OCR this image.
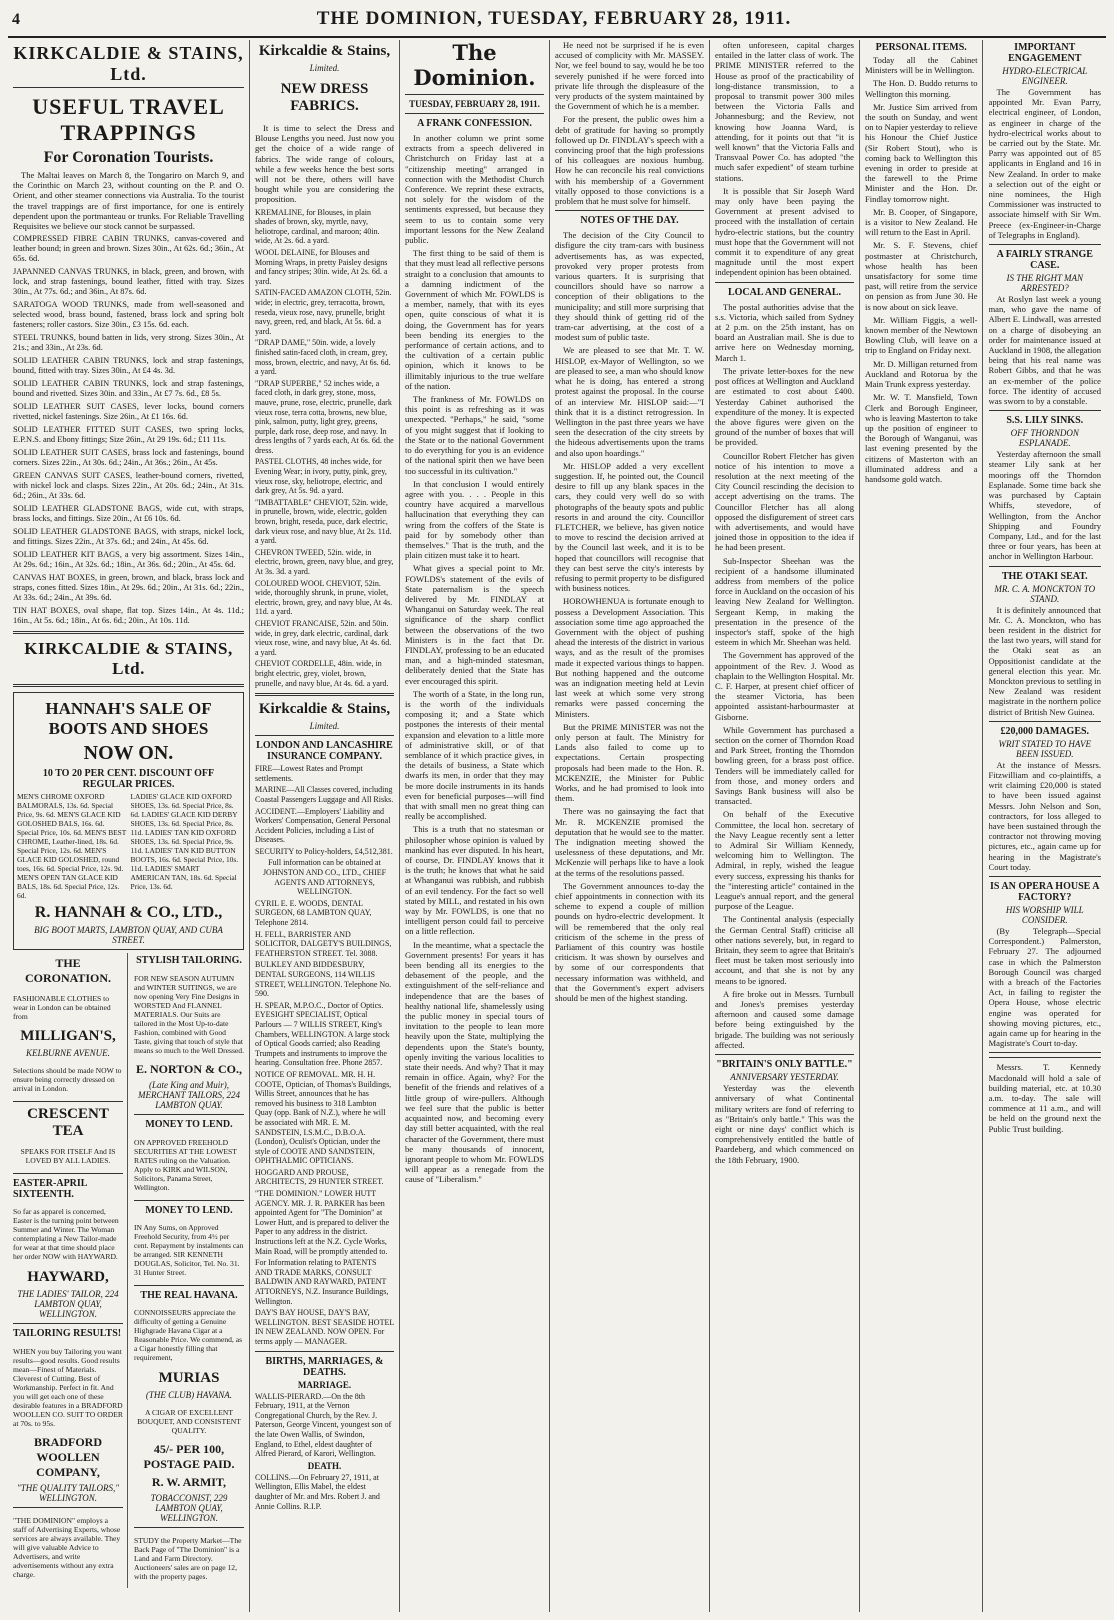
4	THE DOMINION, TUESDAY, FEBRUARY 28, 1911.
KIRKCALDIE & STAINS, Ltd.
USEFUL TRAVEL TRAPPINGS
For Coronation Tourists.

The Maltai leaves on March 8, the Tongariro on March 9, and the Corinthic on March 23, without counting on the P. and O. Orient, and other steamer connections via Australia. To the tourist the travel trappings are of first importance, for one is entirely dependent upon the portmanteau or trunks. For Reliable Travelling Requisites we believe our stock cannot be surpassed.

COMPRESSED FIBRE CABIN TRUNKS, canvas-covered and leather bound; in green and brown. Sizes 30in., At 62s. 6d.; 36in., At 65s. 6d.
JAPANNED CANVAS TRUNKS, in black, green, and brown, with lock, and strap fastenings, bound leather, fitted with tray. Sizes 30in., At 77s. 6d.; and 36in., At 87s. 6d.
SARATOGA WOOD TRUNKS, made from well-seasoned and selected wood, brass bound, fastened, brass lock and spring bolt fasteners; roller castors. Size 30in., £3 15s. 6d. each.
STEEL TRUNKS, bound batten in lids, very strong. Sizes 30in., At 21s.; and 33in., At 23s. 6d.
SOLID LEATHER CABIN TRUNKS, lock and strap fastenings, bound, fitted with tray. Sizes 30in., At £4 4s. 3d.
SOLID LEATHER CABIN TRUNKS, lock and strap fastenings, bound and rivetted. Sizes 30in. and 33in., At £7 7s. 6d., £8 5s.
SOLID LEATHER SUIT CASES, lever locks, bound corners rivetted, nickel fastenings. Size 26in., At £1 16s. 6d.
SOLID LEATHER FITTED SUIT CASES, two spring locks, E.P.N.S. and Ebony fittings; Size 26in., At 29 19s. 6d.; £11 11s.
SOLID LEATHER SUIT CASES, brass lock and fastenings, bound corners. Sizes 22in., At 30s. 6d.; 24in., At 36s.; 26in., At 45s.
GREEN CANVAS SUIT CASES, leather-bound corners, rivetted, with nickel lock and clasps. Sizes 22in., At 20s. 6d.; 24in., At 31s. 6d.; 26in., At 33s. 6d.
SOLID LEATHER GLADSTONE BAGS, wide cut, with straps, brass locks, and fittings. Size 20in., At £6 10s. 6d.
SOLID LEATHER GLADSTONE BAGS, with straps, nickel lock, and fittings. Sizes 22in., At 37s. 6d.; and 24in., At 45s. 6d.
SOLID LEATHER KIT BAGS, a very big assortment. Sizes 14in., At 29s. 6d.; 16in., At 32s. 6d.; 18in., At 36s. 6d.; 20in., At 45s. 6d.
CANVAS HAT BOXES, in green, brown, and black, brass lock and straps, cones fitted. Sizes 18in., At 29s. 6d.; 20in., At 31s. 6d.; 22in., At 33s. 6d.; 24in., At 39s. 6d.
TIN HAT BOXES, oval shape, flat top. Sizes 14in., At 4s. 11d.; 16in., At 5s. 6d.; 18in., At 6s. 6d.; 20in., At 10s. 11d.
KIRKCALDIE & STAINS, Ltd.
HANNAH'S SALE OF BOOTS AND SHOES
NOW ON.
10 TO 20 PER CENT. DISCOUNT OFF REGULAR PRICES.
MEN'S CHROME OXFORD BALMORALS, 13s. 6d. Special Price, 9s. 6d. MEN'S GLACE KID GOLOSHED BALS, 16s. 6d. Special Price, 10s. 6d. MEN'S BEST CHROME, Leather-lined, 18s. 6d. Special Price, 12s. 6d. MEN'S GLACE KID GOLOSHED, round toes, 16s. 6d. Special Price, 12s. 9d. MEN'S OPEN TAN GLACE KID BALS, 18s. 6d. Special Price, 12s. 6d.
LADIES' GLACE KID OXFORD SHOES, 13s. 6d. Special Price, 8s. 6d. LADIES' GLACE KID DERBY SHOES, 13s. 6d. Special Price, 8s. 11d. LADIES' TAN KID OXFORD SHOES, 13s. 6d. Special Price, 9s. 11d. LADIES' TAN KID BUTTON BOOTS, 16s. 6d. Special Price, 10s. 11d. LADIES' SMART AMERICAN TAN, 18s. 6d. Special Price, 13s. 6d.
R. HANNAH & CO., LTD.,
BIG BOOT MARTS, LAMBTON QUAY, AND CUBA STREET.
THE CORONATION.

FASHIONABLE CLOTHES to wear in London can be obtained from

MILLIGAN'S,
KELBURNE AVENUE.

Selections should be made NOW to ensure being correctly dressed on arrival in London.

CRESCENT TEA

SPEAKS FOR ITSELF And IS LOVED BY ALL LADIES.

EASTER-APRIL SIXTEENTH.

So far as apparel is concerned, Easter is the turning point between Summer and Winter. The Woman contemplating a New Tailor-made for wear at that time should place her order NOW with HAYWARD.

HAYWARD,
THE LADIES' TAILOR, 224 LAMBTON QUAY, WELLINGTON.
TAILORING RESULTS!

WHEN you buy Tailoring you want results—good results. Good results mean—Finest of Materials. Cleverest of Cutting. Best of Workmanship. Perfect in fit. And you will get each one of these desirable features in a BRADFORD WOOLLEN CO. SUIT TO ORDER at 70s. to 95s.

BRADFORD WOOLLEN COMPANY,
"THE QUALITY TAILORS," WELLINGTON.

"THE DOMINION" employs a staff of Advertising Experts, whose services are always available. They will give valuable Advice to Advertisers, and write advertisements without any extra charge.

STYLISH TAILORING.

FOR NEW SEASON AUTUMN and WINTER SUITINGS, we are now opening Very Fine Designs in WORSTED And FLANNEL MATERIALS. Our Suits are tailored in the Most Up-to-date Fashion, combined with Good Taste, giving that touch of style that means so much to the Well Dressed.

E. NORTON & CO.,
(Late King and Muir), MERCHANT TAILORS, 224 LAMBTON QUAY.
MONEY TO LEND.

ON APPROVED FREEHOLD SECURITIES AT THE LOWEST RATES ruling on the Valuation. Apply to KIRK and WILSON, Solicitors, Panama Street, Wellington.

MONEY TO LEND.

IN Any Sums, on Approved Freehold Security, from 4½ per cent. Repayment by instalments can be arranged. SIR KENNETH DOUGLAS, Solicitor, Tel. No. 31. 31 Hunter Street.

THE REAL HAVANA.

CONNOISSEURS appreciate the difficulty of getting a Genuine Highgrade Havana Cigar at a Reasonable Price. We commend, as a Cigar honestly filling that requirement,

MURIAS
(THE CLUB) HAVANA.

A CIGAR OF EXCELLENT BOUQUET, AND CONSISTENT QUALITY.

45/- PER 100, POSTAGE PAID.
R. W. ARMIT,
TOBACCONIST, 229 LAMBTON QUAY, WELLINGTON.

STUDY the Property Market—The Back Page of "The Dominion" is a Land and Farm Directory. Auctioneers' sales are on page 12, with the property pages.

Kirkcaldie & Stains,
Limited.
NEW DRESS FABRICS.

It is time to select the Dress and Blouse Lengths you need. Just now you get the choice of a wide range of fabrics. The wide range of colours, while a few weeks hence the best sorts will not be there, others will have bought while you are considering the proposition.

KREMALINE, for Blouses, in plain shades of brown, sky, myrtle, navy, heliotrope, cardinal, and maroon; 40in. wide, At 2s. 6d. a yard.

WOOL DELAINE, for Blouses and Morning Wraps, in pretty Paisley designs and fancy stripes; 30in. wide, At 2s. 6d. a yard.

SATIN-FACED AMAZON CLOTH, 52in. wide; in electric, grey, terracotta, brown, reseda, vieux rose, navy, prunelle, bright navy, green, red, and black, At 5s. 6d. a yard.

"DRAP DAME," 50in. wide, a lovely finished satin-faced cloth, in cream, grey, moss, brown, electric, and navy, At 6s. 6d. a yard.

"DRAP SUPERBE," 52 inches wide, a faced cloth, in dark grey, stone, moss, mauve, prune, rose, electric, prunelle, dark vieux rose, terra cotta, browns, new blue, pink, salmon, putty, light grey, greens, purple, dark rose, deep rose, and navy. In dress lengths of 7 yards each, At 6s. 6d. the dress.

PASTEL CLOTHS, 48 inches wide, for Evening Wear; in ivory, putty, pink, grey, vieux rose, sky, heliotrope, electric, and dark grey, At 5s. 9d. a yard.

"IMBATTABLE" CHEVIOT, 52in. wide, in prunelle, brown, wide, electric, golden brown, bright, reseda, puce, dark electric, dark vieux rose, and navy blue, At 2s. 11d. a yard.

CHEVRON TWEED, 52in. wide, in electric, brown, green, navy blue, and grey, At 3s. 3d. a yard.

COLOURED WOOL CHEVIOT, 52in. wide, thoroughly shrunk, in prune, violet, electric, brown, grey, and navy blue, At 4s. 11d. a yard.

CHEVIOT FRANCAISE, 52in. and 50in. wide, in grey, dark electric, cardinal, dark vieux rose, wine, and navy blue, At 4s. 6d. a yard.

CHEVIOT CORDELLE, 48in. wide, in bright electric, grey, violet, brown, prunelle, and navy blue, At 4s. 6d. a yard.

Kirkcaldie & Stains,
Limited.
LONDON AND LANCASHIRE INSURANCE COMPANY.

FIRE—Lowest Rates and Prompt settlements.

MARINE—All Classes covered, including Coastal Passengers Luggage and All Risks.

ACCIDENT.—Employers' Liability and Workers' Compensation, General Personal Accident Policies, including a List of Diseases.

SECURITY to Policy-holders, £4,512,381.

Full information can be obtained at JOHNSTON AND CO., LTD., CHIEF AGENTS AND ATTORNEYS, WELLINGTON.

CYRIL E. E. WOODS, DENTAL SURGEON, 68 LAMBTON QUAY, Telephone 2814.

H. FELL, BARRISTER AND SOLICITOR, DALGETY'S BUILDINGS, FEATHERSTON STREET. Tel. 3088.

BULKLEY AND BIDDESBURY, DENTAL SURGEONS, 114 WILLIS STREET, WELLINGTON. Telephone No. 590.

H. SPEAR, M.P.O.C., Doctor of Optics. EYESIGHT SPECIALIST, Optical Parlours — 7 WILLIS STREET, King's Chambers, WELLINGTON. A large stock of Optical Goods carried; also Reading Trumpets and instruments to improve the hearing. Consultation free. Phone 2857.

NOTICE OF REMOVAL. MR. H. H. COOTE, Optician, of Thomas's Buildings, Willis Street, announces that he has removed his business to 318 Lambton Quay (opp. Bank of N.Z.), where he will be associated with MR. E. M. SANDSTEIN, I.S.M.C., D.B.O.A. (London), Oculist's Optician, under the style of COOTE AND SANDSTEIN, OPHTHALMIC OPTICIANS.

HOGGARD AND PROUSE, ARCHITECTS, 29 HUNTER STREET.

"THE DOMINION." LOWER HUTT AGENCY. MR. J. R. PARKER has been appointed Agent for "The Dominion" at Lower Hutt, and is prepared to deliver the Paper to any address in the district. Instructions left at the N.Z. Cycle Works, Main Road, will be promptly attended to.

For Information relating to PATENTS AND TRADE MARKS, CONSULT BALDWIN AND RAYWARD, PATENT ATTORNEYS, N.Z. Insurance Buildings, Wellington.

DAY'S BAY HOUSE, DAY'S BAY, WELLINGTON. BEST SEASIDE HOTEL IN NEW ZEALAND. NOW OPEN. For terms apply — MANAGER.

BIRTHS, MARRIAGES, & DEATHS.
MARRIAGE.

WALLIS-PIERARD.—On the 8th February, 1911, at the Vernon Congregational Church, by the Rev. J. Paterson, George Vincent, youngest son of the late Owen Wallis, of Swindon, England, to Ethel, eldest daughter of Alfred Pierard, of Karori, Wellington.

DEATH.

COLLINS.—On February 27, 1911, at Wellington, Ellis Mabel, the eldest daughter of Mr. and Mrs. Robert J. and Annie Collins. R.I.P.

The Dominion.
TUESDAY, FEBRUARY 28, 1911.
A FRANK CONFESSION.

In another column we print some extracts from a speech delivered in Christchurch on Friday last at a "citizenship meeting" arranged in connection with the Methodist Church Conference. We reprint these extracts, not solely for the wisdom of the sentiments expressed, but because they seem to us to contain some very important lessons for the New Zealand public.

The first thing to be said of them is that they must lead all reflective persons straight to a conclusion that amounts to a damning indictment of the Government of which Mr. FOWLDS is a member, namely, that with its eyes open, quite conscious of what it is doing, the Government has for years been bending its energies to the performance of certain actions, and to the cultivation of a certain public opinion, which it knows to be illimitably injurious to the true welfare of the nation.

The frankness of Mr. FOWLDS on this point is as refreshing as it was unexpected. "Perhaps," he said, "some of you might suggest that if looking to the State or to the national Government to do everything for you is an evidence of the national spirit then we have been too successful in its cultivation."

In that conclusion I would entirely agree with you. . . . People in this country have acquired a marvellous hallucination that everything they can wring from the coffers of the State is paid for by somebody other than themselves." That is the truth, and the plain citizen must take it to heart.

What gives a special point to Mr. FOWLDS's statement of the evils of State paternalism is the speech delivered by Mr. FINDLAY at Whanganui on Saturday week. The real significance of the sharp conflict between the observations of the two Ministers is in the fact that Dr. FINDLAY, professing to be an educated man, and a high-minded statesman, deliberately denied that the State has ever encouraged this spirit.

The worth of a State, in the long run, is the worth of the individuals composing it; and a State which postpones the interests of their mental expansion and elevation to a little more of administrative skill, or of that semblance of it which practice gives, in the details of business, a State which dwarfs its men, in order that they may be more docile instruments in its hands even for beneficial purposes—will find that with small men no great thing can really be accomplished.

This is a truth that no statesman or philosopher whose opinion is valued by mankind has ever disputed. In his heart, of course, Dr. FINDLAY knows that it is the truth; he knows that what he said at Whanganui was rubbish, and rubbish of an evil tendency. For the fact so well stated by MILL, and restated in his own way by Mr. FOWLDS, is one that no intelligent person could fail to perceive on a little reflection.

In the meantime, what a spectacle the Government presents! For years it has been bending all its energies to the debasement of the people, and the extinguishment of the self-reliance and independence that are the bases of healthy national life, shamelessly using the public money in special tours of invitation to the people to lean more heavily upon the State, multiplying the dependents upon the State's bounty, openly inviting the various localities to state their needs. And why? That it may remain in office. Again, why? For the benefit of the friends and relatives of a little group of wire-pullers. Although we feel sure that the public is better acquainted now, and becoming every day still better acquainted, with the real character of the Government, there must be many thousands of innocent, ignorant people to whom Mr. FOWLDS will appear as a renegade from the cause of "Liberalism."

He need not be surprised if he is even accused of complicity with Mr. MASSEY. Nor, we feel bound to say, would he be too severely punished if he were forced into private life through the displeasure of the very products of the system maintained by the Government of which he is a member.

For the present, the public owes him a debt of gratitude for having so promptly followed up Dr. FINDLAY's speech with a convincing proof that the high professions of his colleagues are noxious humbug. How he can reconcile his real convictions with his membership of a Government vitally opposed to those convictions is a problem that he must solve for himself.

NOTES OF THE DAY.

The decision of the City Council to disfigure the city tram-cars with business advertisements has, as was expected, provoked very proper protests from various quarters. It is surprising that councillors should have so narrow a conception of their obligations to the municipality; and still more surprising that they should think of getting rid of the tram-car advertising, at the cost of a modest sum of public taste.

We are pleased to see that Mr. T. W. HISLOP, ex-Mayor of Wellington, so we are pleased to see, a man who should know what he is doing, has entered a strong protest against the proposal. In the course of an interview Mr. HISLOP said:—"I think that it is a distinct retrogression. In Wellington in the past three years we have seen the desecration of the city streets by the hideous advertisements upon the trams and also upon hoardings."

Mr. HISLOP added a very excellent suggestion. If, he pointed out, the Council desire to fill up any blank spaces in the cars, they could very well do so with photographs of the beauty spots and public resorts in and around the city. Councillor FLETCHER, we believe, has given notice to move to rescind the decision arrived at by the Council last week, and it is to be hoped that councillors will recognise that they can best serve the city's interests by refusing to permit property to be disfigured with business notices.

HOROWHENUA is fortunate enough to possess a Development Association. This association some time ago approached the Government with the object of pushing ahead the interests of the district in various ways, and as the result of the promises made it expected various things to happen. But nothing happened and the outcome was an indignation meeting held at Levin last week at which some very strong remarks were passed concerning the Ministers.

But the PRIME MINISTER was not the only person at fault. The Ministry for Lands also failed to come up to expectations. Certain prospecting proposals had been made to the Hon. R. MCKENZIE, the Minister for Public Works, and he had promised to look into them.

There was no gainsaying the fact that Mr. R. MCKENZIE promised the deputation that he would see to the matter. The indignation meeting showed the uselessness of these deputations, and Mr. McKenzie will perhaps like to have a look at the terms of the resolutions passed.

The Government announces to-day the chief appointments in connection with its scheme to expend a couple of million pounds on hydro-electric development. It will be remembered that the only real criticism of the scheme in the press of Parliament of this country was hostile criticism. It was shown by ourselves and by some of our correspondents that necessary information was withheld, and that the Government's expert advisers should be men of the highest standing.

often unforeseen, capital charges entailed in the latter class of work. The PRIME MINISTER referred to the House as proof of the practicability of long-distance transmission, to a proposal to transmit power 300 miles between the Victoria Falls and Johannesburg; and the Review, not knowing how Joanna Ward, is attending, for it points out that "it is well known" that the Victoria Falls and Transvaal Power Co. has adopted "the much safer expedient" of steam turbine stations.

It is possible that Sir Joseph Ward may only have been paying the Government at present advised to proceed with the installation of certain hydro-electric stations, but the country must hope that the Government will not commit it to expenditure of any great magnitude until the most expert independent opinion has been obtained.

LOCAL AND GENERAL.

The postal authorities advise that the s.s. Victoria, which sailed from Sydney at 2 p.m. on the 25th instant, has on board an Australian mail. She is due to arrive here on Wednesday morning, March 1.

The private letter-boxes for the new post offices at Wellington and Auckland are estimated to cost about £400. Yesterday Cabinet authorised the expenditure of the money. It is expected the above figures were given on the ground of the number of boxes that will be provided.

Councillor Robert Fletcher has given notice of his intention to move a resolution at the next meeting of the City Council rescinding the decision to accept advertising on the trams. The Councillor Fletcher has all along opposed the disfigurement of street cars with advertisements, and would have joined those in opposition to the idea if he had been present.

Sub-Inspector Sheehan was the recipient of a handsome illuminated address from members of the police force in Auckland on the occasion of his leaving New Zealand for Wellington. Sergeant Kemp, in making the presentation in the presence of the inspector's staff, spoke of the high esteem in which Mr. Sheehan was held.

The Government has approved of the appointment of the Rev. J. Wood as chaplain to the Wellington Hospital. Mr. C. F. Harper, at present chief officer of the steamer Victoria, has been appointed assistant-harbourmaster at Gisborne.

While Government has purchased a section on the corner of Thorndon Road and Park Street, fronting the Thorndon bowling green, for a brass post office. Tenders will be immediately called for from those, and money orders and Savings Bank business will also be transacted.

On behalf of the Executive Committee, the local hon. secretary of the Navy League recently sent a letter to Admiral Sir William Kennedy, welcoming him to Wellington. The Admiral, in reply, wished the league every success, expressing his thanks for the "interesting article" contained in the League's annual report, and the general purpose of the League.

The Continental analysis (especially the German Central Staff) criticise all other nations severely, but, in regard to Britain, they seem to agree that Britain's fleet must be taken most seriously into account, and that she is not by any means to be ignored.

A fire broke out in Messrs. Turnbull and Jones's premises yesterday afternoon and caused some damage before being extinguished by the brigade. The building was not seriously affected.

"BRITAIN'S ONLY BATTLE."
ANNIVERSARY YESTERDAY.

Yesterday was the eleventh anniversary of what Continental military writers are fond of referring to as "Britain's only battle." This was the eight or nine days' conflict which is comprehensively entitled the battle of Paardeberg, and which commenced on the 18th February, 1900.

PERSONAL ITEMS.

Today all the Cabinet Ministers will be in Wellington.

The Hon. D. Buddo returns to Wellington this morning.

Mr. Justice Sim arrived from the south on Sunday, and went on to Napier yesterday to relieve his Honour the Chief Justice (Sir Robert Stout), who is coming back to Wellington this evening in order to preside at the farewell to the Prime Minister and the Hon. Dr. Findlay tomorrow night.

Mr. B. Cooper, of Singapore, is a visitor to New Zealand. He will return to the East in April.

Mr. S. F. Stevens, chief postmaster at Christchurch, whose health has been unsatisfactory for some time past, will retire from the service on pension as from June 30. He is now about on sick leave.

Mr. William Figgis, a well-known member of the Newtown Bowling Club, will leave on a trip to England on Friday next.

Mr. D. Milligan returned from Auckland and Rotorua by the Main Trunk express yesterday.

Mr. W. T. Mansfield, Town Clerk and Borough Engineer, who is leaving Masterton to take up the position of engineer to the Borough of Wanganui, was last evening presented by the citizens of Masterton with an illuminated address and a handsome gold watch.

IMPORTANT ENGAGEMENT
HYDRO-ELECTRICAL ENGINEER.

The Government has appointed Mr. Evan Parry, electrical engineer, of London, as engineer in charge of the hydro-electrical works about to be carried out by the State. Mr. Parry was appointed out of 85 applicants in England and 16 in New Zealand. In order to make a selection out of the eight or nine nominees, the High Commissioner was instructed to associate himself with Sir Wm. Preece (ex-Engineer-in-Charge of Telegraphs in England).

A FAIRLY STRANGE CASE.
IS THE RIGHT MAN ARRESTED?

At Roslyn last week a young man, who gave the name of Albert E. Lindwall, was arrested on a charge of disobeying an order for maintenance issued at Auckland in 1908, the allegation being that his real name was Robert Gibbs, and that he was an ex-member of the police force. The identity of accused was sworn to by a constable.

S.S. LILY SINKS.
OFF THORNDON ESPLANADE.

Yesterday afternoon the small steamer Lily sank at her moorings off the Thorndon Esplanade. Some time back she was purchased by Captain Whiffs, stevedore, of Wellington, from the Anchor Shipping and Foundry Company, Ltd., and for the last three or four years, has been at anchor in Wellington Harbour.

THE OTAKI SEAT.
MR. C. A. MONCKTON TO STAND.

It is definitely announced that Mr. C. A. Monckton, who has been resident in the district for the last two years, will stand for the Otaki seat as an Oppositionist candidate at the general election this year. Mr. Monckton previous to settling in New Zealand was resident magistrate in the northern police district of British New Guinea.

£20,000 DAMAGES.
WRIT STATED TO HAVE BEEN ISSUED.

At the instance of Messrs. Fitzwilliam and co-plaintiffs, a writ claiming £20,000 is stated to have been issued against Messrs. John Nelson and Son, contractors, for loss alleged to have been sustained through the contractor not throwing moving pictures, etc., again came up for hearing in the Magistrate's Court today.

IS AN OPERA HOUSE A FACTORY?
HIS WORSHIP WILL CONSIDER.

(By Telegraph—Special Correspondent.) Palmerston, February 27. The adjourned case in which the Palmerston Borough Council was charged with a breach of the Factories Act, in failing to register the Opera House, whose electric engine was operated for showing moving pictures, etc., again came up for hearing in the Magistrate's Court to-day.

Messrs. T. Kennedy Macdonald will hold a sale of building material, etc. at 10.30 a.m. to-day. The sale will commence at 11 a.m., and will be held on the ground next the Public Trust building.
